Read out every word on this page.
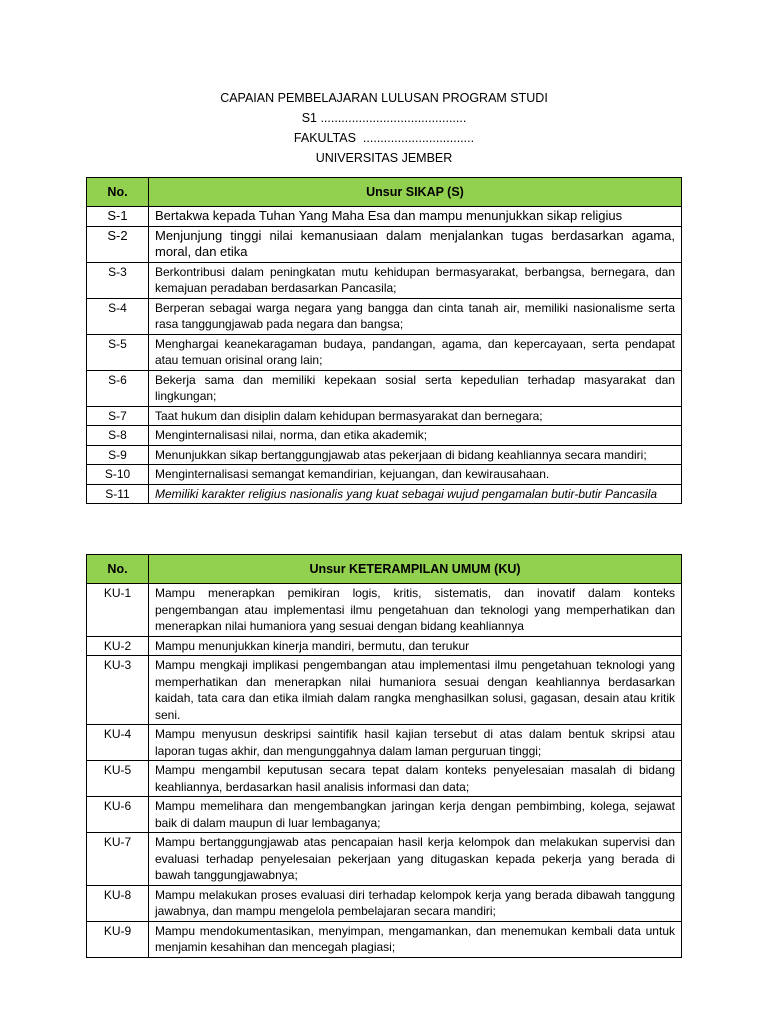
CAPAIAN PEMBELAJARAN LULUSAN PROGRAM STUDI
S1 ..........................................
FAKULTAS  ................................
UNIVERSITAS JEMBER
No.	Unsur SIKAP (S)
S-1	Bertakwa kepada Tuhan Yang Maha Esa dan mampu menunjukkan sikap religius
S-2	Menjunjung tinggi nilai kemanusiaan dalam menjalankan tugas berdasarkan agama, moral, dan etika
S-3	Berkontribusi dalam peningkatan mutu kehidupan bermasyarakat, berbangsa, bernegara, dan kemajuan peradaban berdasarkan Pancasila;
S-4	Berperan sebagai warga negara yang bangga dan cinta tanah air, memiliki nasionalisme serta rasa tanggungjawab pada negara dan bangsa;
S-5	Menghargai keanekaragaman budaya, pandangan, agama, dan kepercayaan, serta pendapat atau temuan orisinal orang lain;
S-6	Bekerja sama dan memiliki kepekaan sosial serta kepedulian terhadap masyarakat dan lingkungan;
S-7	Taat hukum dan disiplin dalam kehidupan bermasyarakat dan bernegara;
S-8	Menginternalisasi nilai, norma, dan etika akademik;
S-9	Menunjukkan sikap bertanggungjawab atas pekerjaan di bidang keahliannya secara mandiri;
S-10	Menginternalisasi semangat kemandirian, kejuangan, dan kewirausahaan.
S-11	Memiliki karakter religius nasionalis yang kuat sebagai wujud pengamalan butir-butir Pancasila
No.	Unsur KETERAMPILAN UMUM (KU)
KU-1	Mampu menerapkan pemikiran logis, kritis, sistematis, dan inovatif dalam konteks pengembangan atau implementasi ilmu pengetahuan dan teknologi yang memperhatikan dan menerapkan nilai humaniora yang sesuai dengan bidang keahliannya
KU-2	Mampu menunjukkan kinerja mandiri, bermutu, dan terukur
KU-3	Mampu mengkaji implikasi pengembangan atau implementasi ilmu pengetahuan teknologi yang memperhatikan dan menerapkan nilai humaniora sesuai dengan keahliannya berdasarkan kaidah, tata cara dan etika ilmiah dalam rangka menghasilkan solusi, gagasan, desain atau kritik seni.
KU-4	Mampu menyusun deskripsi saintifik hasil kajian tersebut di atas dalam bentuk skripsi atau laporan tugas akhir, dan mengunggahnya dalam laman perguruan tinggi;
KU-5	Mampu mengambil keputusan secara tepat dalam konteks penyelesaian masalah di bidang keahliannya, berdasarkan hasil analisis informasi dan data;
KU-6	Mampu memelihara dan mengembangkan jaringan kerja dengan pembimbing, kolega, sejawat baik di dalam maupun di luar lembaganya;
KU-7	Mampu bertanggungjawab atas pencapaian hasil kerja kelompok dan melakukan supervisi dan evaluasi terhadap penyelesaian pekerjaan yang ditugaskan kepada pekerja yang berada di bawah tanggungjawabnya;
KU-8	Mampu melakukan proses evaluasi diri terhadap kelompok kerja yang berada dibawah tanggung jawabnya, dan mampu mengelola pembelajaran secara mandiri;
KU-9	Mampu mendokumentasikan, menyimpan, mengamankan, dan menemukan kembali data untuk menjamin kesahihan dan mencegah plagiasi;
